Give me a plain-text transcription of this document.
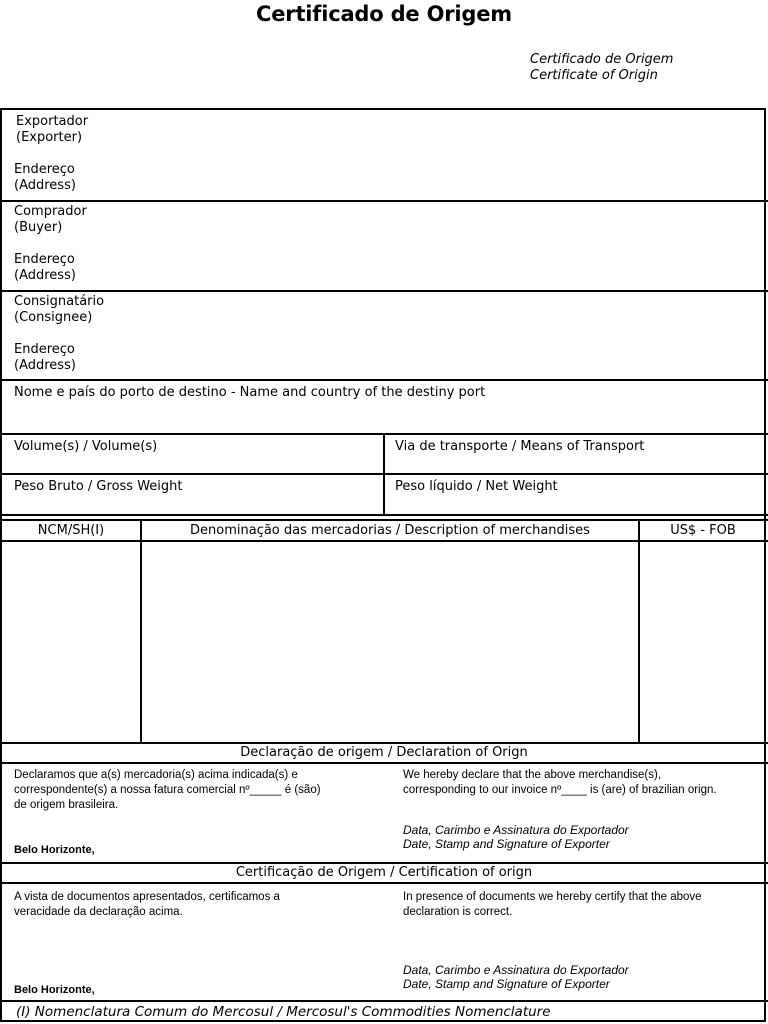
Certificado de Origem
Certificado de Origem
Certificate of Origin
Exportador
(Exporter)
Endereço
(Address)
Comprador
(Buyer)
Endereço
(Address)
Consignatário
(Consignee)
Endereço
(Address)
Nome e país do porto de destino - Name and country of the destiny port
Volume(s) / Volume(s)	Via de transporte / Means of Transport
Peso Bruto / Gross Weight	Peso líquido / Net Weight
NCM/SH(I)	Denominação das mercadorias / Description of merchandises	US$ - FOB
Declaração de origem / Declaration of Orign
Declaramos que a(s) mercadoria(s) acima indicada(s) e
correspondente(s) a nossa fatura comercial nº_____ é (são)
de origem brasileira.
We hereby declare that the above merchandise(s),
corresponding to our invoice nº____ is (are) of brazilian orign.
Data, Carimbo e Assinatura do Exportador
Date, Stamp and Signature of Exporter
Belo Horizonte,
Certificação de Origem / Certification of orign
A vista de documentos apresentados, certificamos a
veracidade da declaração acima.
In presence of documents we hereby certify that the above
declaration is correct.
Data, Carimbo e Assinatura do Exportador
Date, Stamp and Signature of Exporter
Belo Horizonte,
(I) Nomenclatura Comum do Mercosul / Mercosul's Commodities Nomenclature
